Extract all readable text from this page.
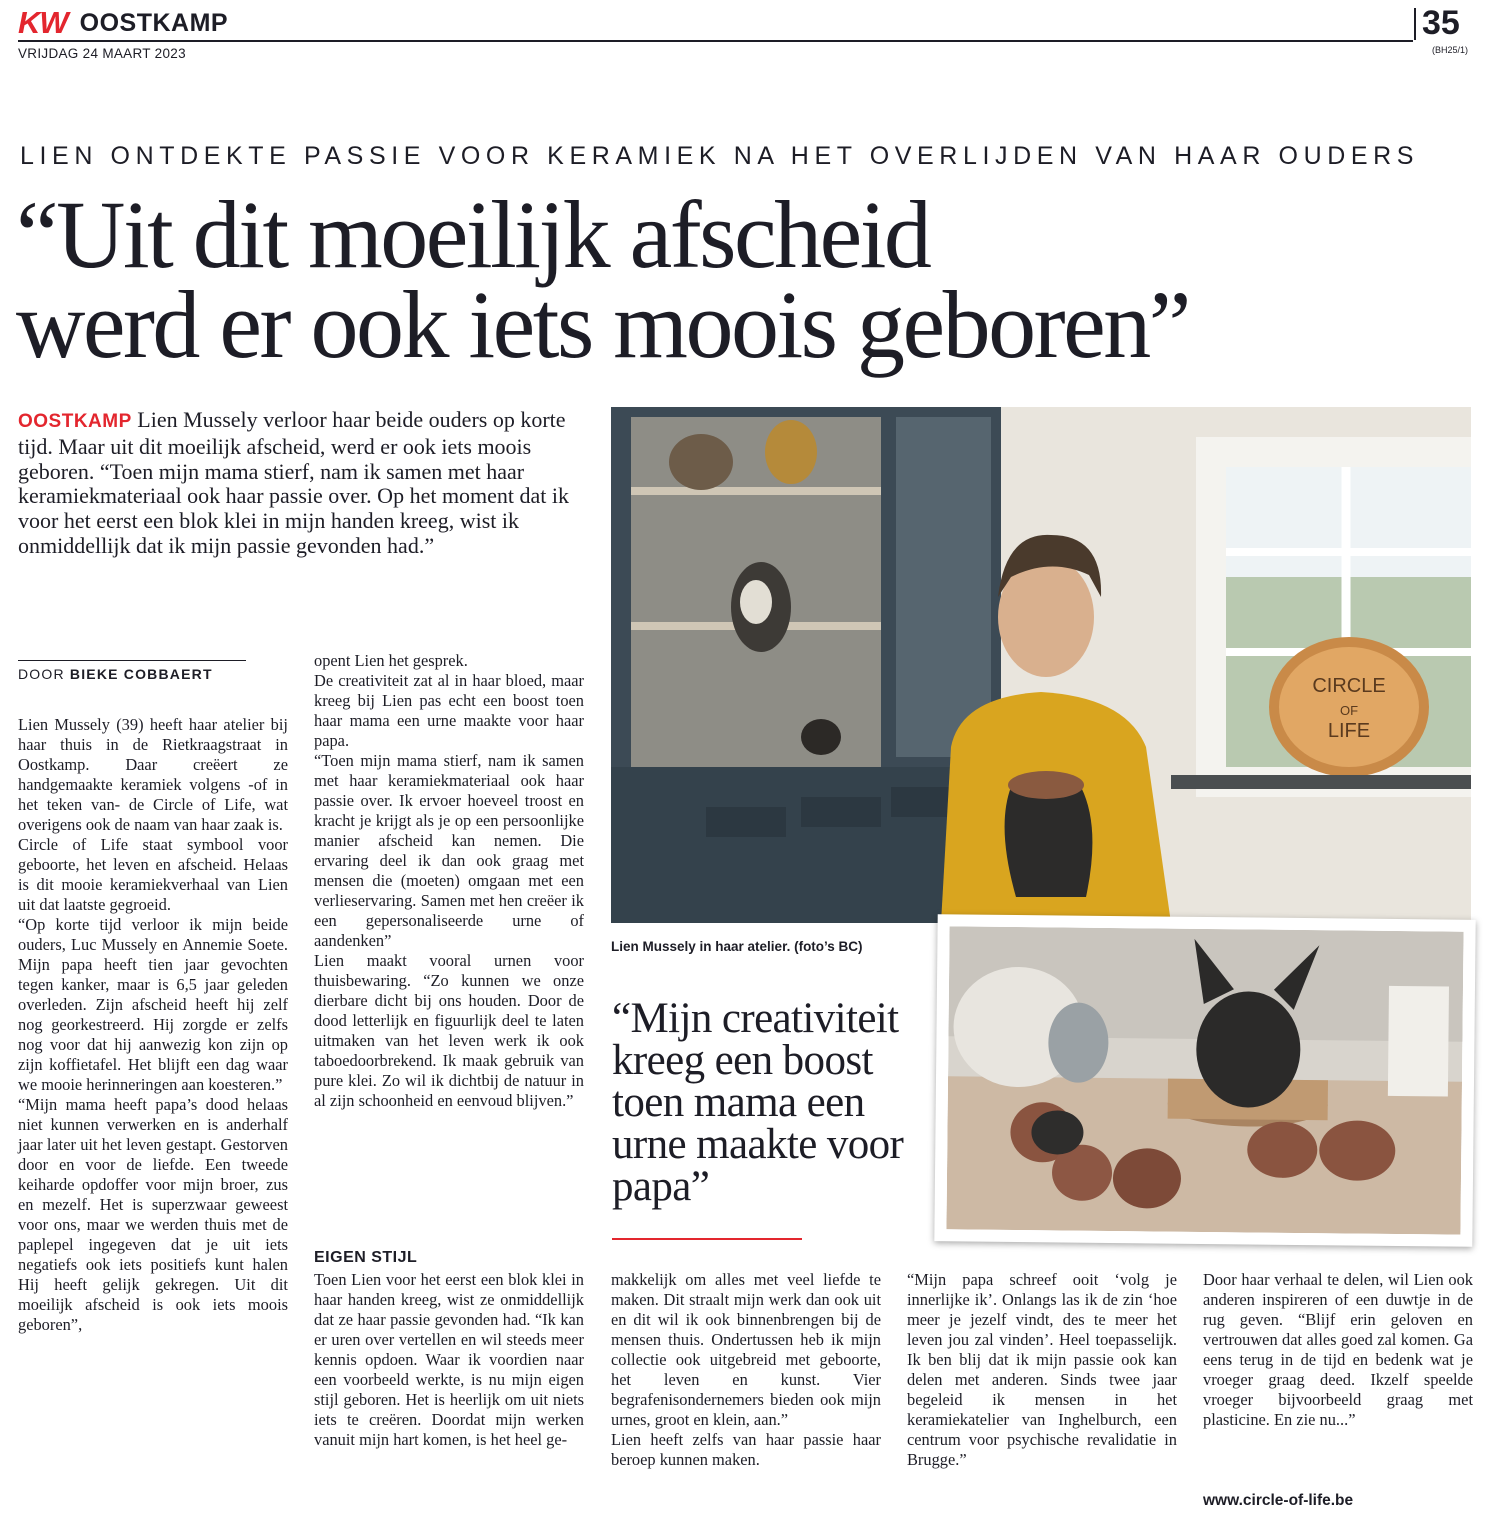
KW OOSTKAMP
VRIJDAG 24 MAART 2023
35
(BH25/1)
LIEN ONTDEKTE PASSIE VOOR KERAMIEK NA HET OVERLIJDEN VAN HAAR OUDERS
“Uit dit moeilijk afscheid
werd er ook iets moois geboren”
OOSTKAMP Lien Mussely verloor haar beide ouders op korte tijd. Maar uit dit moeilijk afscheid, werd er ook iets moois geboren. “Toen mijn mama stierf, nam ik samen met haar keramiekmateriaal ook haar passie over. Op het moment dat ik voor het eerst een blok klei in mijn handen kreeg, wist ik onmiddellijk dat ik mijn passie gevonden had.”
DOOR BIEKE COBBAERT

Lien Mussely (39) heeft haar atelier bij haar thuis in de Rietkraagstraat in Oostkamp. Daar creëert ze handgemaakte keramiek volgens -of in het teken van- de Circle of Life, wat overigens ook de naam van haar zaak is.

Circle of Life staat symbool voor geboorte, het leven en afscheid. Helaas is dit mooie keramiekverhaal van Lien uit dat laatste gegroeid.

“Op korte tijd verloor ik mijn beide ouders, Luc Mussely en Annemie Soete. Mijn papa heeft tien jaar gevochten tegen kanker, maar is 6,5 jaar geleden overleden. Zijn afscheid heeft hij zelf nog georkestreerd. Hij zorgde er zelfs nog voor dat hij aanwezig kon zijn op zijn koffietafel. Het blijft een dag waar we mooie herinneringen aan koesteren.”

“Mijn mama heeft papa’s dood helaas niet kunnen verwerken en is anderhalf jaar later uit het leven gestapt. Gestorven door en voor de liefde. Een tweede keiharde opdoffer voor mijn broer, zus en mezelf. Het is superzwaar geweest voor ons, maar we werden thuis met de paplepel ingegeven dat je uit iets negatiefs ook iets positiefs kunt halen Hij heeft gelijk gekregen. Uit dit moeilijk afscheid is ook iets moois geboren”,

opent Lien het gesprek.

De creativiteit zat al in haar bloed, maar kreeg bij Lien pas echt een boost toen haar mama een urne maakte voor haar papa.

“Toen mijn mama stierf, nam ik samen met haar keramiekmateriaal ook haar passie over. Ik ervoer hoeveel troost en kracht je krijgt als je op een persoonlijke manier afscheid kan nemen. Die ervaring deel ik dan ook graag met mensen die (moeten) omgaan met een verlieservaring. Samen met hen creëer ik een gepersonaliseerde urne of aandenken”

Lien maakt vooral urnen voor thuisbewaring. “Zo kunnen we onze dierbare dicht bij ons houden. Door de dood letterlijk en figuurlijk deel te laten uitmaken van het leven werk ik ook taboedoorbrekend. Ik maak gebruik van pure klei. Zo wil ik dichtbij de natuur in al zijn schoonheid en eenvoud blijven.”

EIGEN STIJL

Toen Lien voor het eerst een blok klei in haar handen kreeg, wist ze onmiddellijk dat ze haar passie gevonden had. “Ik kan er uren over vertellen en wil steeds meer kennis opdoen. Waar ik voordien naar een voorbeeld werkte, is nu mijn eigen stijl geboren. Het is heerlijk om uit niets iets te creëren. Doordat mijn werken vanuit mijn hart komen, is het heel ge-

makkelijk om alles met veel liefde te maken. Dit straalt mijn werk dan ook uit en dit wil ik ook binnenbrengen bij de mensen thuis. Ondertussen heb ik mijn collectie ook uitgebreid met geboorte, het leven en kunst. Vier begrafenisondernemers bieden ook mijn urnes, groot en klein, aan.”

Lien heeft zelfs van haar passie haar beroep kunnen maken.

“Mijn papa schreef ooit ‘volg je innerlijke ik’. Onlangs las ik de zin ‘hoe meer je jezelf vindt, des te meer het leven jou zal vinden’. Heel toepasselijk. Ik ben blij dat ik mijn passie ook kan delen met anderen. Sinds twee jaar begeleid ik mensen in het keramiekatelier van Inghelburch, een centrum voor psychische revalidatie in Brugge.”

Door haar verhaal te delen, wil Lien ook anderen inspireren of een duwtje in de rug geven. “Blijf erin geloven en vertrouwen dat alles goed zal komen. Ga eens terug in de tijd en bedenk wat je vroeger graag deed. Ikzelf speelde vroeger bijvoorbeeld graag met plasticine. En zie nu...”

www.circle-of-life.be
CIRCLE
OF
LIFE
Lien Mussely in haar atelier. (foto’s BC)
“Mijn creativiteit kreeg een boost toen mama een urne maakte voor papa”
